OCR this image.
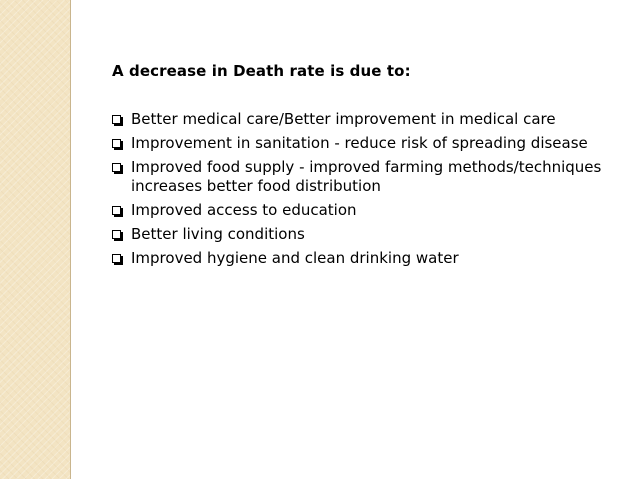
A decrease in Death rate is due to:
Better medical care/Better improvement in medical care
Improvement in sanitation - reduce risk of spreading disease
Improved food supply - improved farming methods/techniques increases better food distribution
Improved access to education
Better living conditions
Improved hygiene and clean drinking water
